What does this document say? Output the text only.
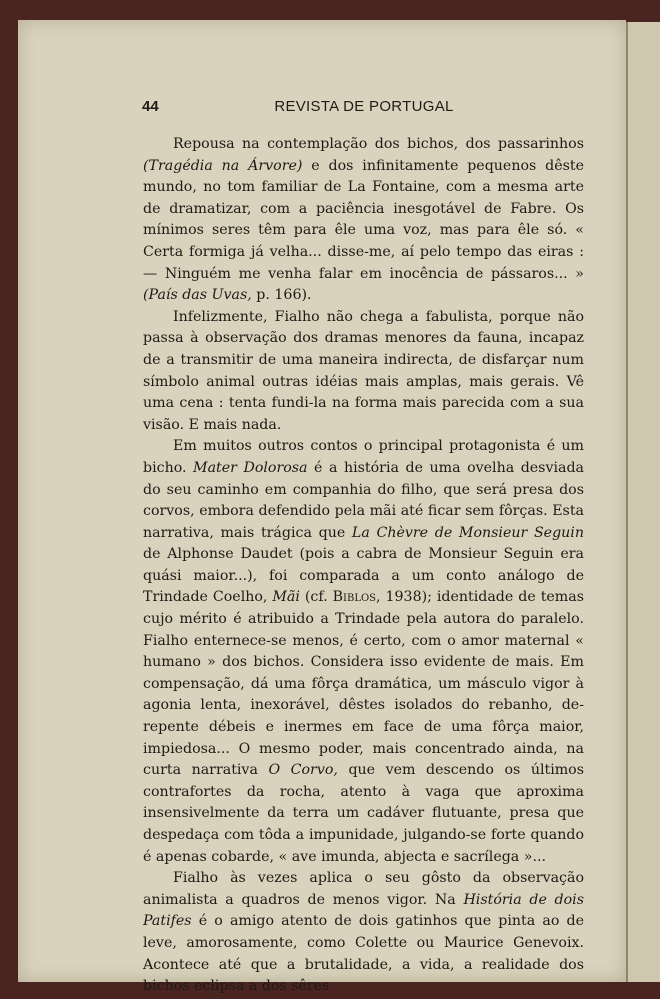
44	REVISTA DE PORTUGAL

Repousa na contemplação dos bichos, dos passarinhos (Tragédia na Árvore) e dos infinitamente pequenos dêste mundo, no tom familiar de La Fontaine, com a mesma arte de dramatizar, com a paciência inesgotável de Fabre. Os mínimos seres têm para êle uma voz, mas para êle só. « Certa formiga já velha... disse-me, aí pelo tempo das eiras : — Ninguém me venha falar em inocência de pássaros... » (País das Uvas, p. 166).

Infelizmente, Fialho não chega a fabulista, porque não passa à observação dos dramas menores da fauna, incapaz de a transmitir de uma maneira indirecta, de disfarçar num símbolo animal outras idéias mais amplas, mais gerais. Vê uma cena : tenta fundi-la na forma mais parecida com a sua visão. E mais nada.

Em muitos outros contos o principal protagonista é um bicho. Mater Dolorosa é a história de uma ovelha desviada do seu caminho em companhia do filho, que será presa dos corvos, embora defendido pela mãi até ficar sem fôrças. Esta narrativa, mais trágica que La Chèvre de Monsieur Seguin de Alphonse Daudet (pois a cabra de Monsieur Seguin era quási maior...), foi comparada a um conto análogo de Trindade Coelho, Mãi (cf. Biblos, 1938); identidade de temas cujo mérito é atribuido a Trindade pela autora do paralelo. Fialho enternece-se menos, é certo, com o amor maternal « humano » dos bichos. Considera isso evidente de mais. Em compensação, dá uma fôrça dramática, um másculo vigor à agonia lenta, inexorável, dêstes isolados do rebanho, de-repente débeis e inermes em face de uma fôrça maior, impiedosa... O mesmo poder, mais concentrado ainda, na curta narrativa O Corvo, que vem descendo os últimos contrafortes da rocha, atento à vaga que aproxima insensivelmente da terra um cadáver flutuante, presa que despedaça com tôda a impunidade, julgando-se forte quando é apenas cobarde, « ave imunda, abjecta e sacrílega »...

Fialho às vezes aplica o seu gôsto da observação animalista a quadros de menos vigor. Na História de dois Patifes é o amigo atento de dois gatinhos que pinta ao de leve, amorosamente, como Colette ou Maurice Genevoix. Acontece até que a brutalidade, a vida, a realidade dos bichos eclipsa a dos sêres
